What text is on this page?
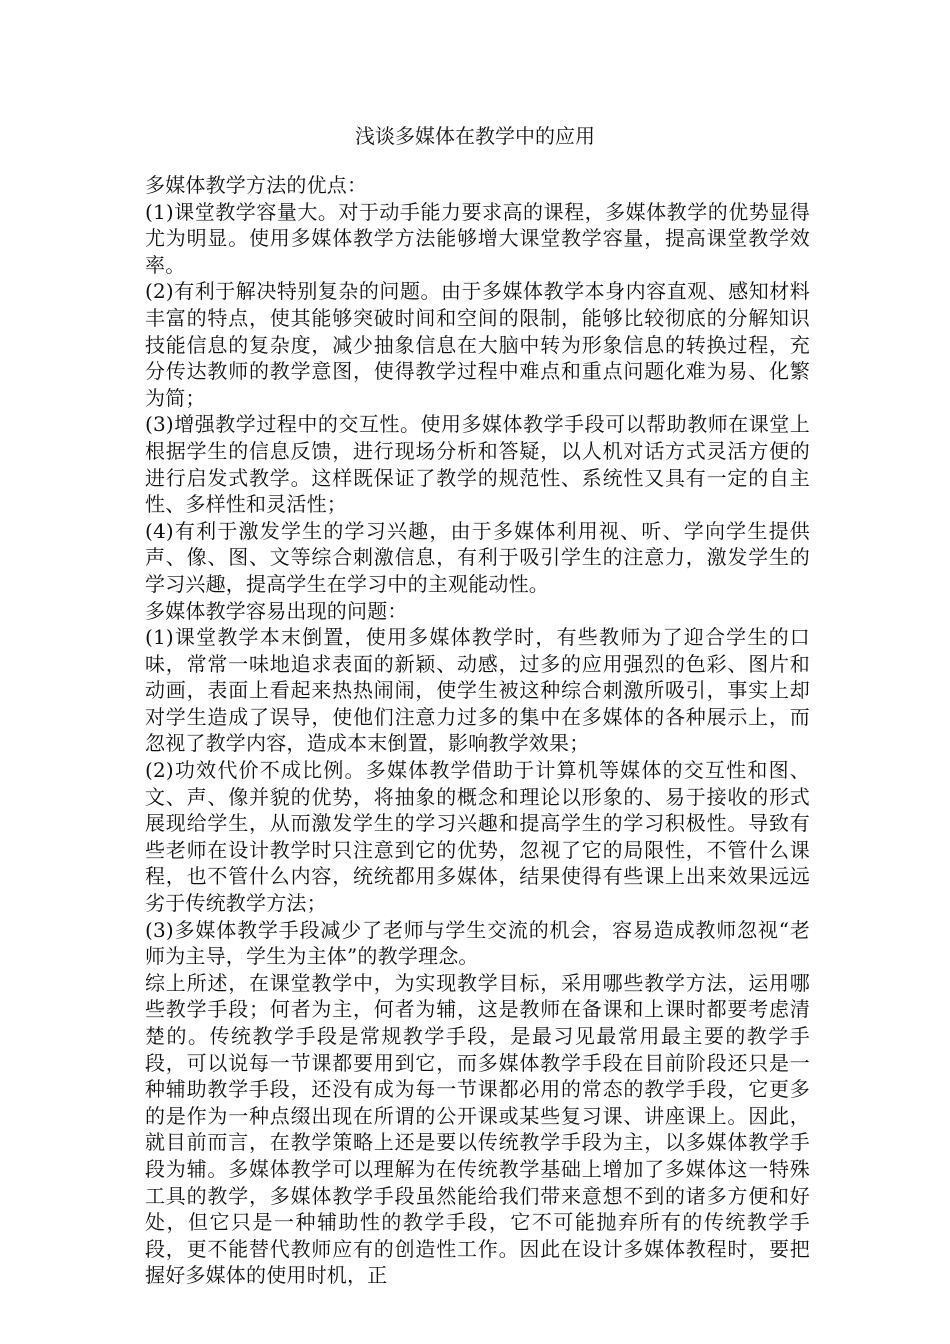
浅谈多媒体在教学中的应用

多媒体教学方法的优点：

(1)课堂教学容量大。对于动手能力要求高的课程，多媒体教学的优势显得尤为明显。使用多媒体教学方法能够增大课堂教学容量，提高课堂教学效率。

(2)有利于解决特别复杂的问题。由于多媒体教学本身内容直观、感知材料丰富的特点，使其能够突破时间和空间的限制，能够比较彻底的分解知识技能信息的复杂度，减少抽象信息在大脑中转为形象信息的转换过程，充分传达教师的教学意图，使得教学过程中难点和重点问题化难为易、化繁为简；

(3)增强教学过程中的交互性。使用多媒体教学手段可以帮助教师在课堂上根据学生的信息反馈，进行现场分析和答疑，以人机对话方式灵活方便的进行启发式教学。这样既保证了教学的规范性、系统性又具有一定的自主性、多样性和灵活性；

(4)有利于激发学生的学习兴趣，由于多媒体利用视、听、学向学生提供声、像、图、文等综合刺激信息，有利于吸引学生的注意力，激发学生的学习兴趣，提高学生在学习中的主观能动性。

多媒体教学容易出现的问题：

(1)课堂教学本末倒置，使用多媒体教学时，有些教师为了迎合学生的口味，常常一味地追求表面的新颖、动感，过多的应用强烈的色彩、图片和动画，表面上看起来热热闹闹，使学生被这种综合刺激所吸引，事实上却对学生造成了误导，使他们注意力过多的集中在多媒体的各种展示上，而忽视了教学内容，造成本末倒置，影响教学效果；

(2)功效代价不成比例。多媒体教学借助于计算机等媒体的交互性和图、文、声、像并貌的优势，将抽象的概念和理论以形象的、易于接收的形式展现给学生，从而激发学生的学习兴趣和提高学生的学习积极性。导致有些老师在设计教学时只注意到它的优势，忽视了它的局限性，不管什么课程，也不管什么内容，统统都用多媒体，结果使得有些课上出来效果远远劣于传统教学方法；

(3)多媒体教学手段减少了老师与学生交流的机会，容易造成教师忽视“老师为主导，学生为主体”的教学理念。

综上所述，在课堂教学中，为实现教学目标，采用哪些教学方法，运用哪些教学手段；何者为主，何者为辅，这是教师在备课和上课时都要考虑清楚的。传统教学手段是常规教学手段，是最习见最常用最主要的教学手段，可以说每一节课都要用到它，而多媒体教学手段在目前阶段还只是一种辅助教学手段，还没有成为每一节课都必用的常态的教学手段，它更多的是作为一种点缀出现在所谓的公开课或某些复习课、讲座课上。因此，就目前而言，在教学策略上还是要以传统教学手段为主，以多媒体教学手段为辅。多媒体教学可以理解为在传统教学基础上增加了多媒体这一特殊工具的教学，多媒体教学手段虽然能给我们带来意想不到的诸多方便和好处，但它只是一种辅助性的教学手段，它不可能抛弃所有的传统教学手段，更不能替代教师应有的创造性工作。因此在设计多媒体教程时，要把握好多媒体的使用时机，正
